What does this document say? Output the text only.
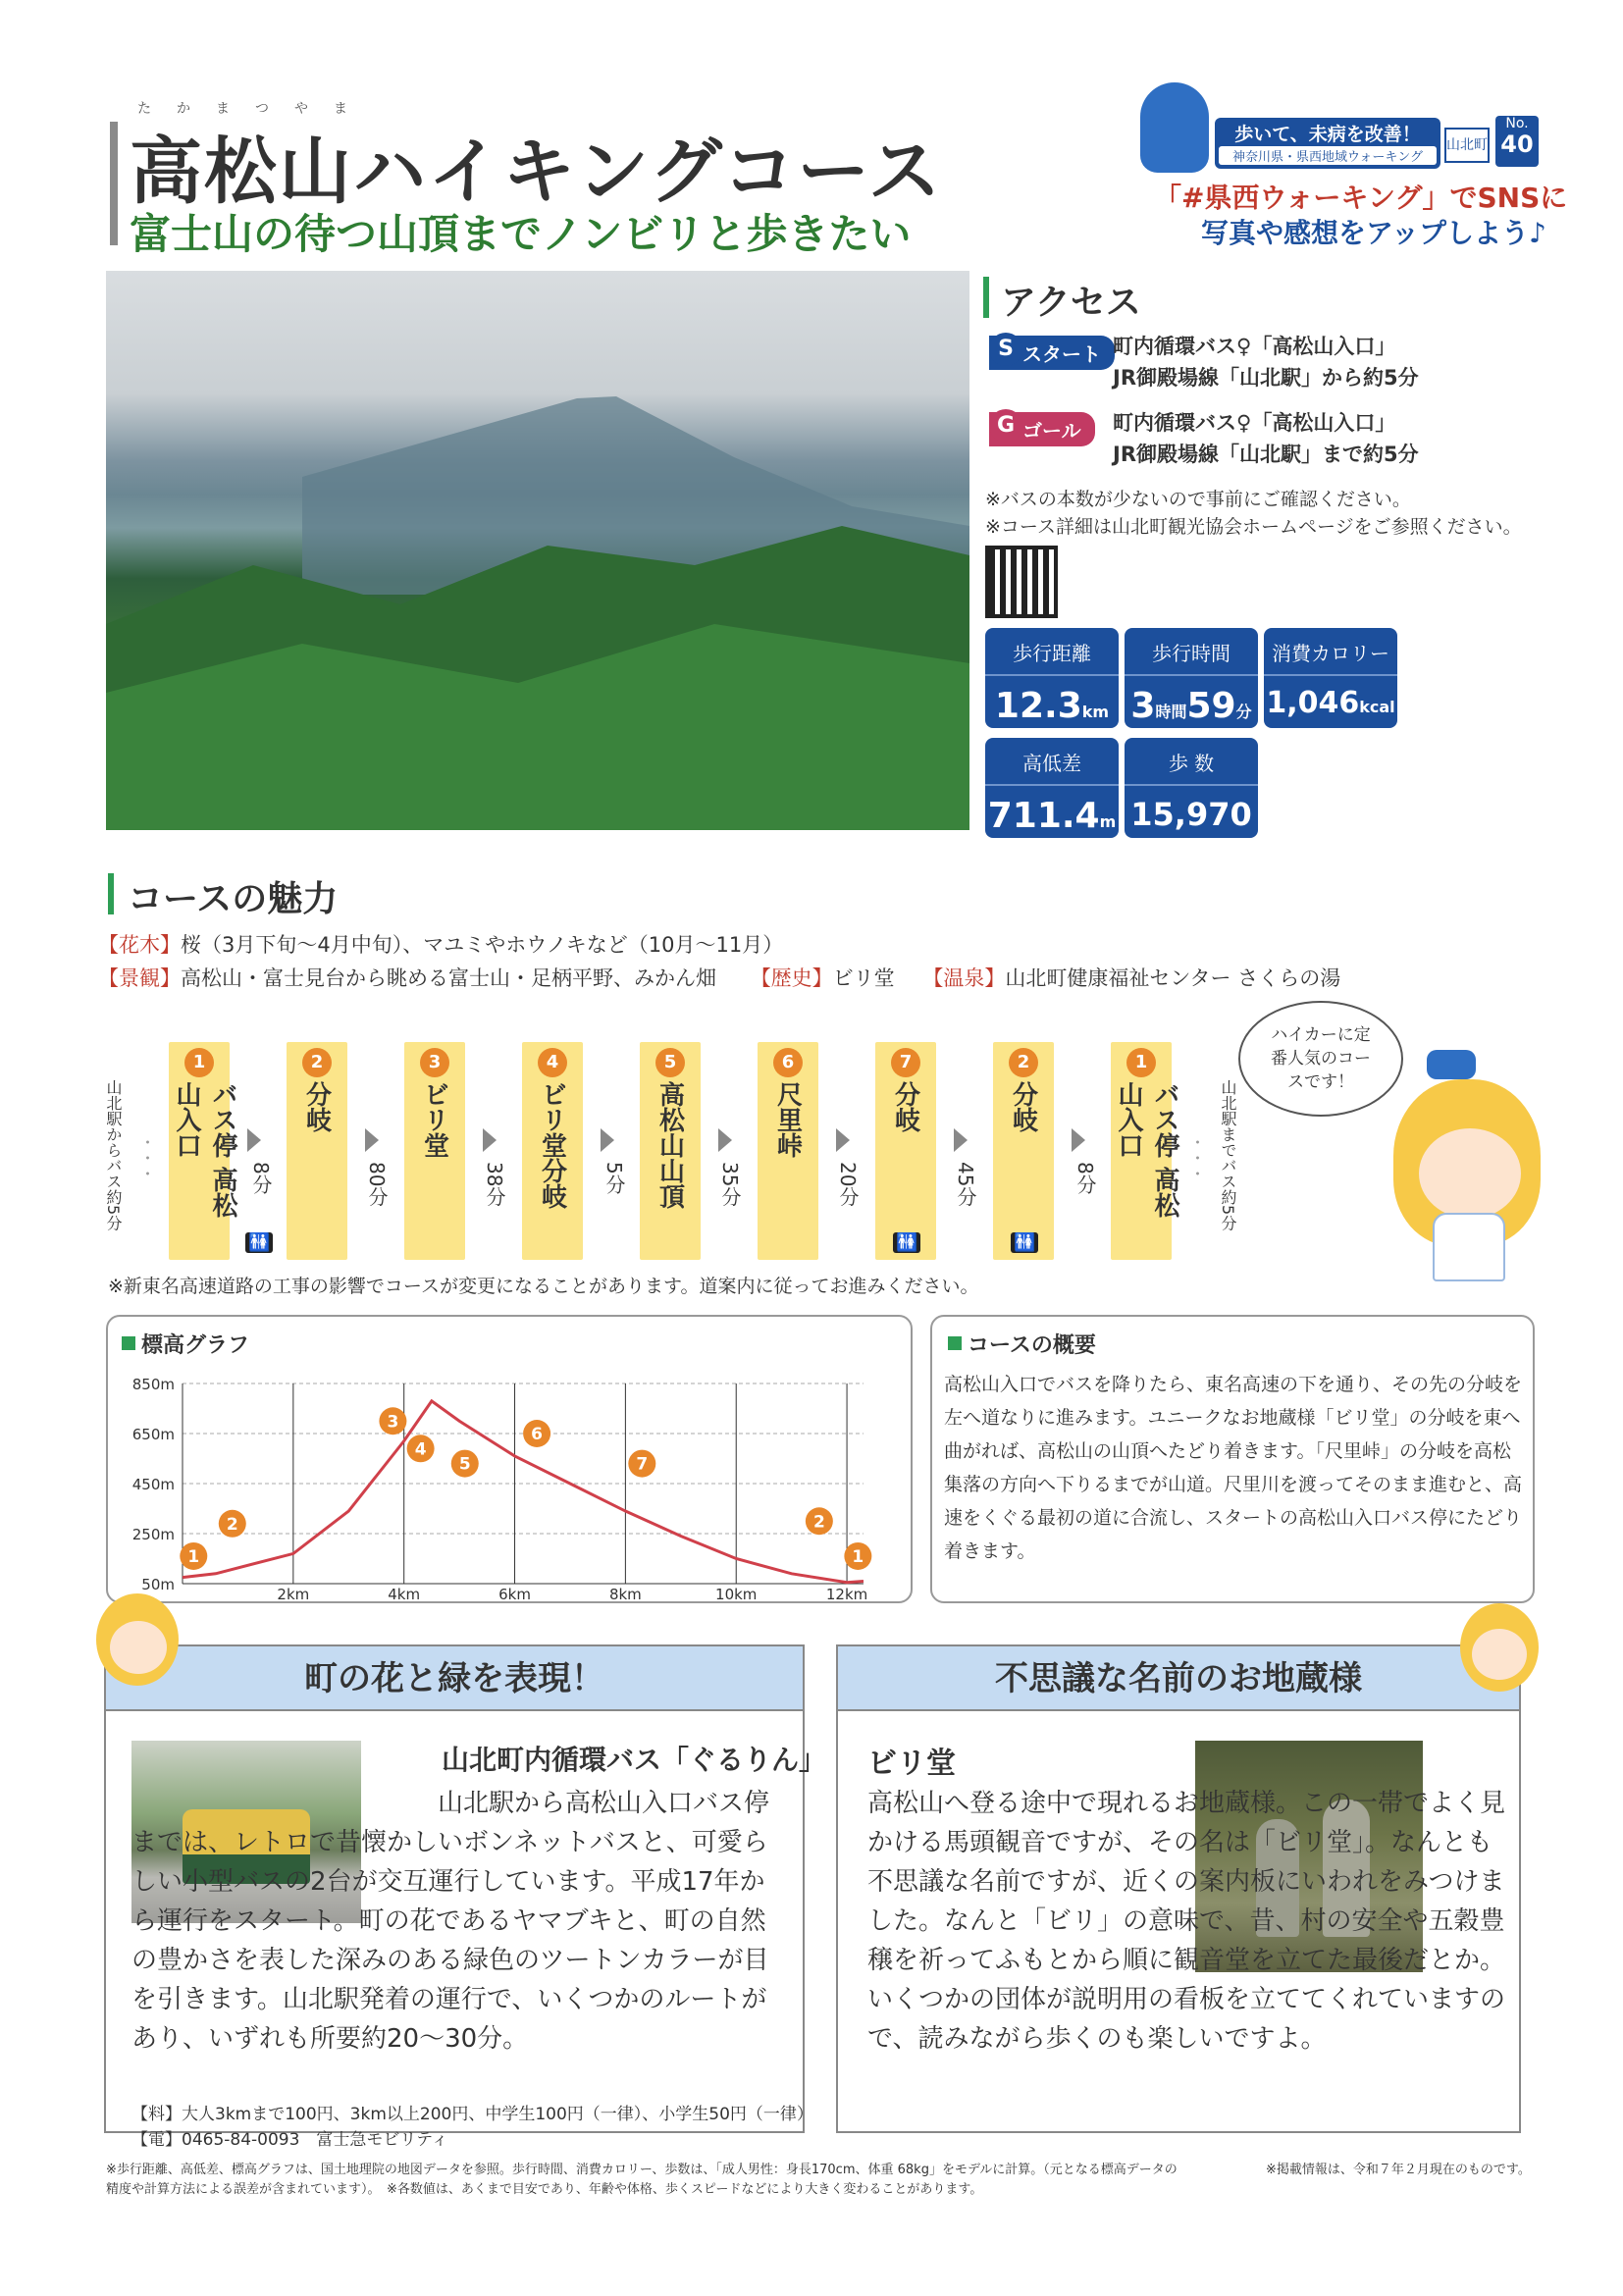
たかまつやま
高松山ハイキングコース
富士山の待つ山頂までノンビリと歩きたい
歩いて、未病を改善！
神奈川県・県西地域ウォーキング
山北町
No.
40
「#県西ウォーキング」でSNSに
写真や感想をアップしよう♪
アクセス
S スタート 町内循環バス♀「高松山入口」
JR御殿場線「山北駅」から約5分
G ゴール	町内循環バス♀「高松山入口」
JR御殿場線「山北駅」まで約5分
※バスの本数が少ないので事前にご確認ください。
※コース詳細は山北町観光協会ホームページをご参照ください。
歩行距離
12.3km
歩行時間
3時間59分
消費カロリー
1,046kcal
高低差
711.4m
歩 数
15,970歩
コースの魅力
【花木】桜（3月下旬〜4月中旬）、マユミやホウノキなど（10月〜11月）
【景観】高松山・富士見台から眺める富士山・足柄平野、みかん畑 【歴史】ビリ堂 【温泉】山北町健康福祉センター さくらの湯
山北駅からバス約5分 ・・・	山北駅までバス約5分
・・・
1
バス停 高松山入口
2
分岐
3
ビリ堂
4
ビリ堂分岐
5
高松山山頂
6
尺里峠
7
分岐
2
分岐
1
バス停 高松山入口
8分	80分	38分	5分	35分	20分	45分	8分
🚻	🚻	🚻
※新東名高速道路の工事の影響でコースが変更になることがあります。道案内に従ってお進みください。
ハイカーに定番人気のコースです！
標高グラフ
850m
650m
450m
250m
50m
2km	4km	6km	8km	10km	12km
1
2
3
4
5
6
7
2
1
コースの概要
高松山入口でバスを降りたら、東名高速の下を通り、その先の分岐を左へ道なりに進みます。ユニークなお地蔵様「ビリ堂」の分岐を東へ曲がれば、高松山の山頂へたどり着きます。「尺里峠」の分岐を高松集落の方向へ下りるまでが山道。尺里川を渡ってそのまま進むと、高速をくぐる最初の道に合流し、スタートの高松山入口バス停にたどり着きます。
町の花と緑を表現！
山北町内循環バス「ぐるりん」
山北駅から高松山入口バス停までは、レトロで昔懐かしいボンネットバスと、可愛らしい小型バスの2台が交互運行しています。平成17年から運行をスタート。町の花であるヤマブキと、町の自然の豊かさを表した深みのある緑色のツートンカラーが目を引きます。山北駅発着の運行で、いくつかのルートがあり、いずれも所要約20〜30分。
【料】大人3kmまで100円、3km以上200円、中学生100円（一律）、小学生50円（一律）
【電】0465-84-0093　富士急モビリティ
不思議な名前のお地蔵様
ビリ堂
高松山へ登る途中で現れるお地蔵様。この一帯でよく見かける馬頭観音ですが、その名は「ビリ堂」。なんとも不思議な名前ですが、近くの案内板にいわれをみつけました。なんと「ビリ」の意味で、昔、村の安全や五穀豊穣を祈ってふもとから順に観音堂を立てた最後だとか。いくつかの団体が説明用の看板を立ててくれていますので、読みながら歩くのも楽しいですよ。
※歩行距離、高低差、標高グラフは、国土地理院の地図データを参照。歩行時間、消費カロリー、歩数は、「成人男性：身長170cm、体重 68kg」をモデルに計算。（元となる標高データの
精度や計算方法による誤差が含まれています）。　※各数値は、あくまで目安であり、年齢や体格、歩くスピードなどにより大きく変わることがあります。
※掲載情報は、令和７年２月現在のものです。
